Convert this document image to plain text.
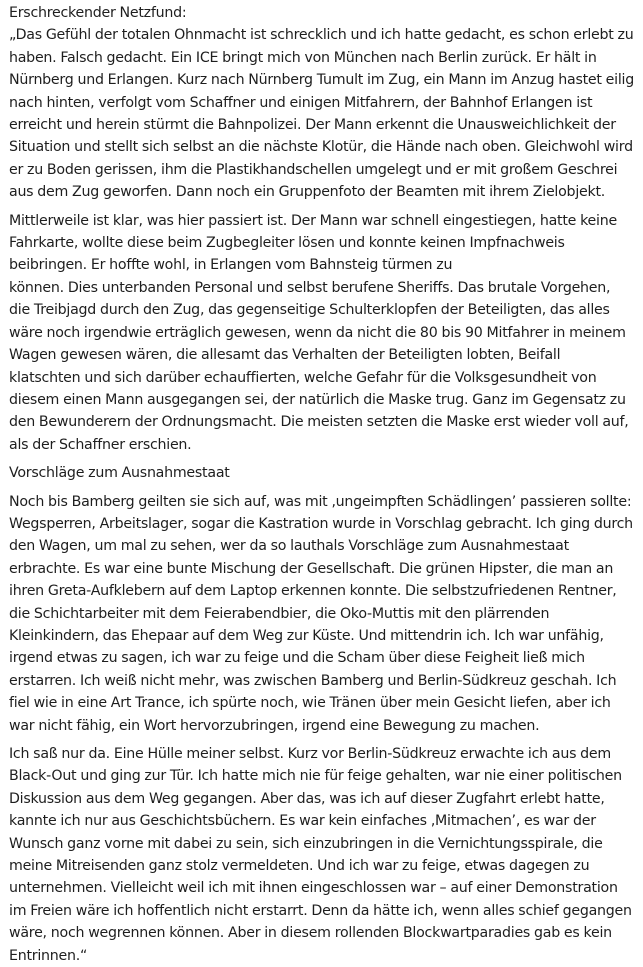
Erschreckender Netzfund:

„Das Gefühl der totalen Ohnmacht ist schrecklich und ich hatte gedacht, es schon erlebt zu haben. Falsch gedacht. Ein ICE bringt mich von München nach Berlin zurück. Er hält in Nürnberg und Erlangen. Kurz nach Nürnberg Tumult im Zug, ein Mann im Anzug hastet eilig nach hinten, verfolgt vom Schaffner und einigen Mitfahrern, der Bahnhof Erlangen ist erreicht und herein stürmt die Bahnpolizei. Der Mann erkennt die Unausweichlichkeit der Situation und stellt sich selbst an die nächste Klotür, die Hände nach oben. Gleichwohl wird er zu Boden gerissen, ihm die Plastikhandschellen umgelegt und er mit großem Geschrei aus dem Zug geworfen. Dann noch ein Gruppenfoto der Beamten mit ihrem Zielobjekt.

Mittlerweile ist klar, was hier passiert ist. Der Mann war schnell eingestiegen, hatte keine Fahrkarte, wollte diese beim Zugbegleiter lösen und konnte keinen Impfnachweis beibringen. Er hoffte wohl, in Erlangen vom Bahnsteig türmen zu
können. Dies unterbanden Personal und selbst berufene Sheriffs. Das brutale Vorgehen, die Treibjagd durch den Zug, das gegenseitige Schulterklopfen der Beteiligten, das alles wäre noch irgendwie erträglich gewesen, wenn da nicht die 80 bis 90 Mitfahrer in meinem Wagen gewesen wären, die allesamt das Verhalten der Beteiligten lobten, Beifall klatschten und sich darüber echauffierten, welche Gefahr für die Volksgesundheit von diesem einen Mann ausgegangen sei, der natürlich die Maske trug. Ganz im Gegensatz zu den Bewunderern der Ordnungsmacht. Die meisten setzten die Maske erst wieder voll auf, als der Schaffner erschien.

Vorschläge zum Ausnahmestaat

Noch bis Bamberg geilten sie sich auf, was mit ‚ungeimpften Schädlingen’ passieren sollte: Wegsperren, Arbeitslager, sogar die Kastration wurde in Vorschlag gebracht. Ich ging durch den Wagen, um mal zu sehen, wer da so lauthals Vorschläge zum Ausnahmestaat erbrachte. Es war eine bunte Mischung der Gesellschaft. Die grünen Hipster, die man an ihren Greta-Aufklebern auf dem Laptop erkennen konnte. Die selbstzufriedenen Rentner, die Schichtarbeiter mit dem Feierabendbier, die Oko-Muttis mit den plärrenden Kleinkindern, das Ehepaar auf dem Weg zur Küste. Und mittendrin ich. Ich war unfähig, irgend etwas zu sagen, ich war zu feige und die Scham über diese Feigheit ließ mich erstarren. Ich weiß nicht mehr, was zwischen Bamberg und Berlin-Südkreuz geschah. Ich fiel wie in eine Art Trance, ich spürte noch, wie Tränen über mein Gesicht liefen, aber ich war nicht fähig, ein Wort hervorzubringen, irgend eine Bewegung zu machen.

Ich saß nur da. Eine Hülle meiner selbst. Kurz vor Berlin-Südkreuz erwachte ich aus dem Black-Out und ging zur Tür. Ich hatte mich nie für feige gehalten, war nie einer politischen Diskussion aus dem Weg gegangen. Aber das, was ich auf dieser Zugfahrt erlebt hatte, kannte ich nur aus Geschichtsbüchern. Es war kein einfaches ‚Mitmachen’, es war der Wunsch ganz vorne mit dabei zu sein, sich einzubringen in die Vernichtungsspirale, die meine Mitreisenden ganz stolz vermeldeten. Und ich war zu feige, etwas dagegen zu unternehmen. Vielleicht weil ich mit ihnen eingeschlossen war – auf einer Demonstration im Freien wäre ich hoffentlich nicht erstarrt. Denn da hätte ich, wenn alles schief gegangen wäre, noch wegrennen können. Aber in diesem rollenden Blockwartparadies gab es kein Entrinnen.“
